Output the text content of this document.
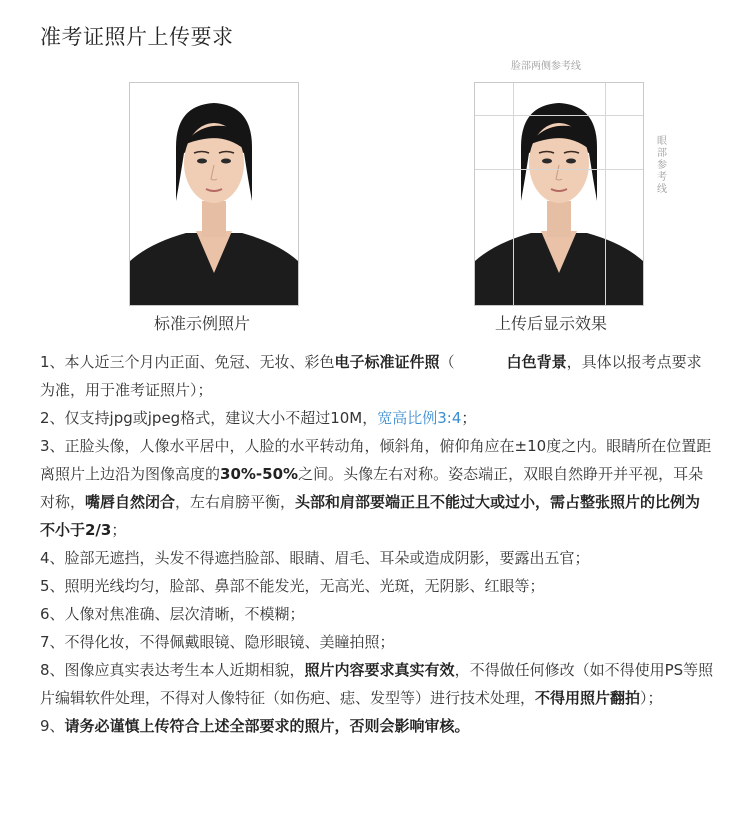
准考证照片上传要求
脸部两侧参考线
眼部参考线
标准示例照片	上传后显示效果

1、本人近三个月内正面、免冠、无妆、彩色电子标准证件照（	白色背景，具体以报考点要求为准，用于准考证照片）；

2、仅支持jpg或jpeg格式，建议大小不超过10M，宽高比例3:4；

3、正脸头像，人像水平居中，人脸的水平转动角，倾斜角，俯仰角应在±10度之内。眼睛所在位置距离照片上边沿为图像高度的30%-50%之间。头像左右对称。姿态端正，双眼自然睁开并平视，耳朵对称，嘴唇自然闭合，左右肩膀平衡，头部和肩部要端正且不能过大或过小，需占整张照片的比例为不小于2/3；

4、脸部无遮挡，头发不得遮挡脸部、眼睛、眉毛、耳朵或造成阴影，要露出五官；

5、照明光线均匀，脸部、鼻部不能发光，无高光、光斑，无阴影、红眼等；

6、人像对焦准确、层次清晰，不模糊；

7、不得化妆，不得佩戴眼镜、隐形眼镜、美瞳拍照；

8、图像应真实表达考生本人近期相貌，照片内容要求真实有效，不得做任何修改（如不得使用PS等照片编辑软件处理，不得对人像特征（如伤疤、痣、发型等）进行技术处理，不得用照片翻拍）；

9、请务必谨慎上传符合上述全部要求的照片，否则会影响审核。
